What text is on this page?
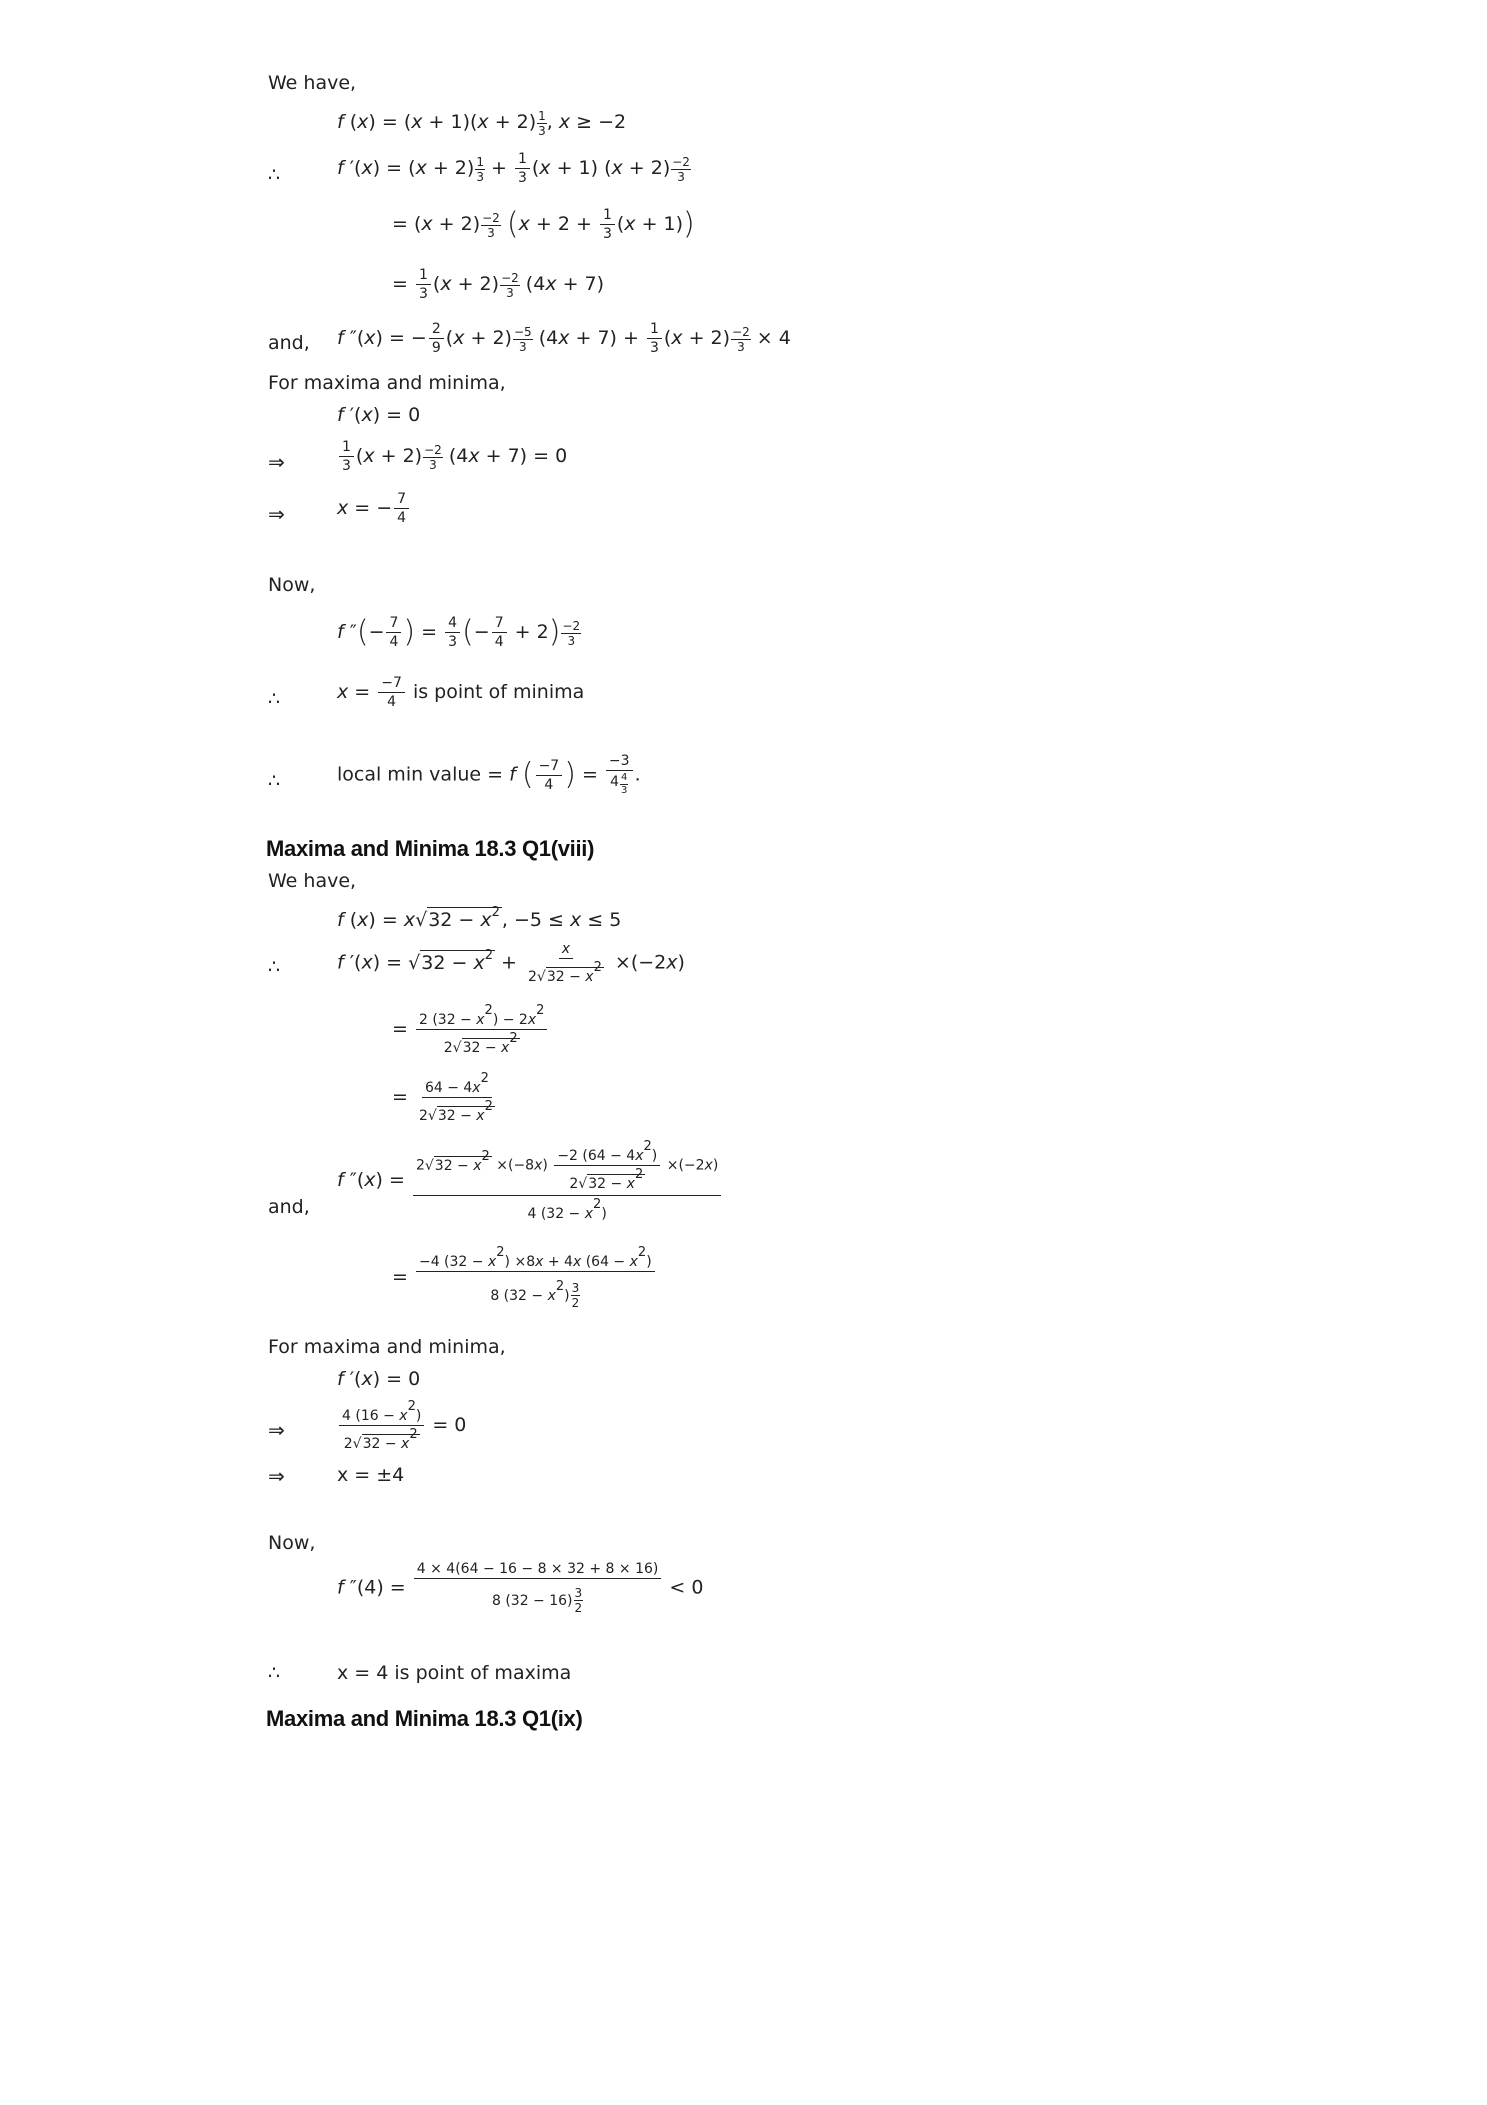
We have,
f $(x) = (x + 1)(x + 2) \frac{1}{3}$ , x ≥ −2
∴	f $'(x) = (x + 2) \frac{1}{3} + \frac{1}{3} (x + 1) (x + 2) \frac{-2}{3}$
= $(x + 2) \frac{-2}{3} (x + 2 + \frac{1}{3} (x + 1))$
= $\frac{1}{3} (x + 2) \frac{-2}{3} (4x + 7)$
and, f ″(x) = − $\frac{2}{9} (x + 2) \frac{-5}{3} (4x + 7) + \frac{1}{3} (x + 2) \frac{-2}{3} \times 4$
For maxima and minima,
f ′(x) = 0
⇒	$\frac{1}{3} (x + 2) \frac{-2}{3} (4x + 7) = 0$
⇒	x = − $\frac{7}{4}$
Now,
f ″(− $\frac{7}{4}$ ) = $\frac{4}{3}$ (− $\frac{7}{4} + 2) \frac{-2}{3}$
∴	$x = \frac{-7}{4}$ is point of minima
∴	local min value = f ( $\frac{-7}{4}$ ) = $\frac{-3}{4 \frac{4}{3}}$ .
Maxima and Minima 18.3 Q1(viii)
We have,
f (x) = x√32 − x2 , −5 ≤ x ≤ 5
∴	f $'(x) = √32 - x2 + \frac{x}{2√32 - x2} \times(-2x)$
= $\frac{2 (32 - x2) - 2x2}{2√32 - x2}$
= $\frac{64 - 4x2}{2√32 - x2}$
and,
f $''(x) = \frac{2√32 - x2 \times(-8x) \frac{-2 (64 - 4x2)}{2√32 - x2} \times(-2x)}{4 (32 - x2)}$
= $\frac{-4 (32 - x2) \times 8x + 4x (64 - x2)}{8 (32 - x2) \frac{3}{2}}$
For maxima and minima,
f ′(x) = 0
⇒	$\frac{4 (16 - x2)}{2√32 - x2} = 0$
⇒	x = ±4
Now,
f $''(4) = \frac{4 \times 4(64 - 16 - 8 \times 32 + 8 \times 16)}{8 (32 - 16) \frac{3}{2}} < 0$
∴	x = 4 is point of maxima
Maxima and Minima 18.3 Q1(ix)
